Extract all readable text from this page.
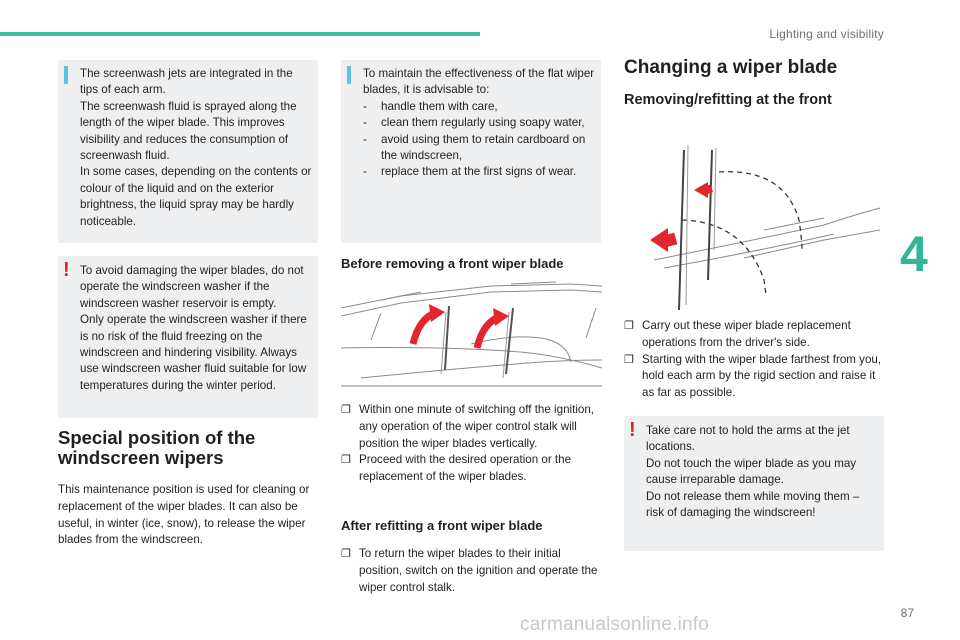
Lighting and visibility
4
87
carmanualsonline.info

The screenwash jets are integrated in the tips of each arm.

The screenwash fluid is sprayed along the length of the wiper blade. This improves visibility and reduces the consumption of screenwash fluid.

In some cases, depending on the contents or colour of the liquid and on the exterior brightness, the liquid spray may be hardly noticeable.

! To avoid damaging the wiper blades, do not operate the windscreen washer if the windscreen washer reservoir is empty.

Only operate the windscreen washer if there is no risk of the fluid freezing on the windscreen and hindering visibility. Always use windscreen washer fluid suitable for low temperatures during the winter period.

Special position of the windscreen wipers
This maintenance position is used for cleaning or replacement of the wiper blades. It can also be useful, in winter (ice, snow), to release the wiper blades from the windscreen.

To maintain the effectiveness of the flat wiper blades, it is advisable to:

- handle them with care,
- clean them regularly using soapy water,
- avoid using them to retain cardboard on the windscreen,
- replace them at the first signs of wear.
Before removing a front wiper blade
❐ Within one minute of switching off the ignition, any operation of the wiper control stalk will position the wiper blades vertically.
❐ Proceed with the desired operation or the replacement of the wiper blades.
After refitting a front wiper blade
❐ To return the wiper blades to their initial position, switch on the ignition and operate the wiper control stalk.
Changing a wiper blade
Removing/refitting at the front
❐ Carry out these wiper blade replacement operations from the driver's side.
❐ Starting with the wiper blade farthest from you, hold each arm by the rigid section and raise it as far as possible.
! Take care not to hold the arms at the jet locations.

Do not touch the wiper blade as you may cause irreparable damage.

Do not release them while moving them – risk of damaging the windscreen!
